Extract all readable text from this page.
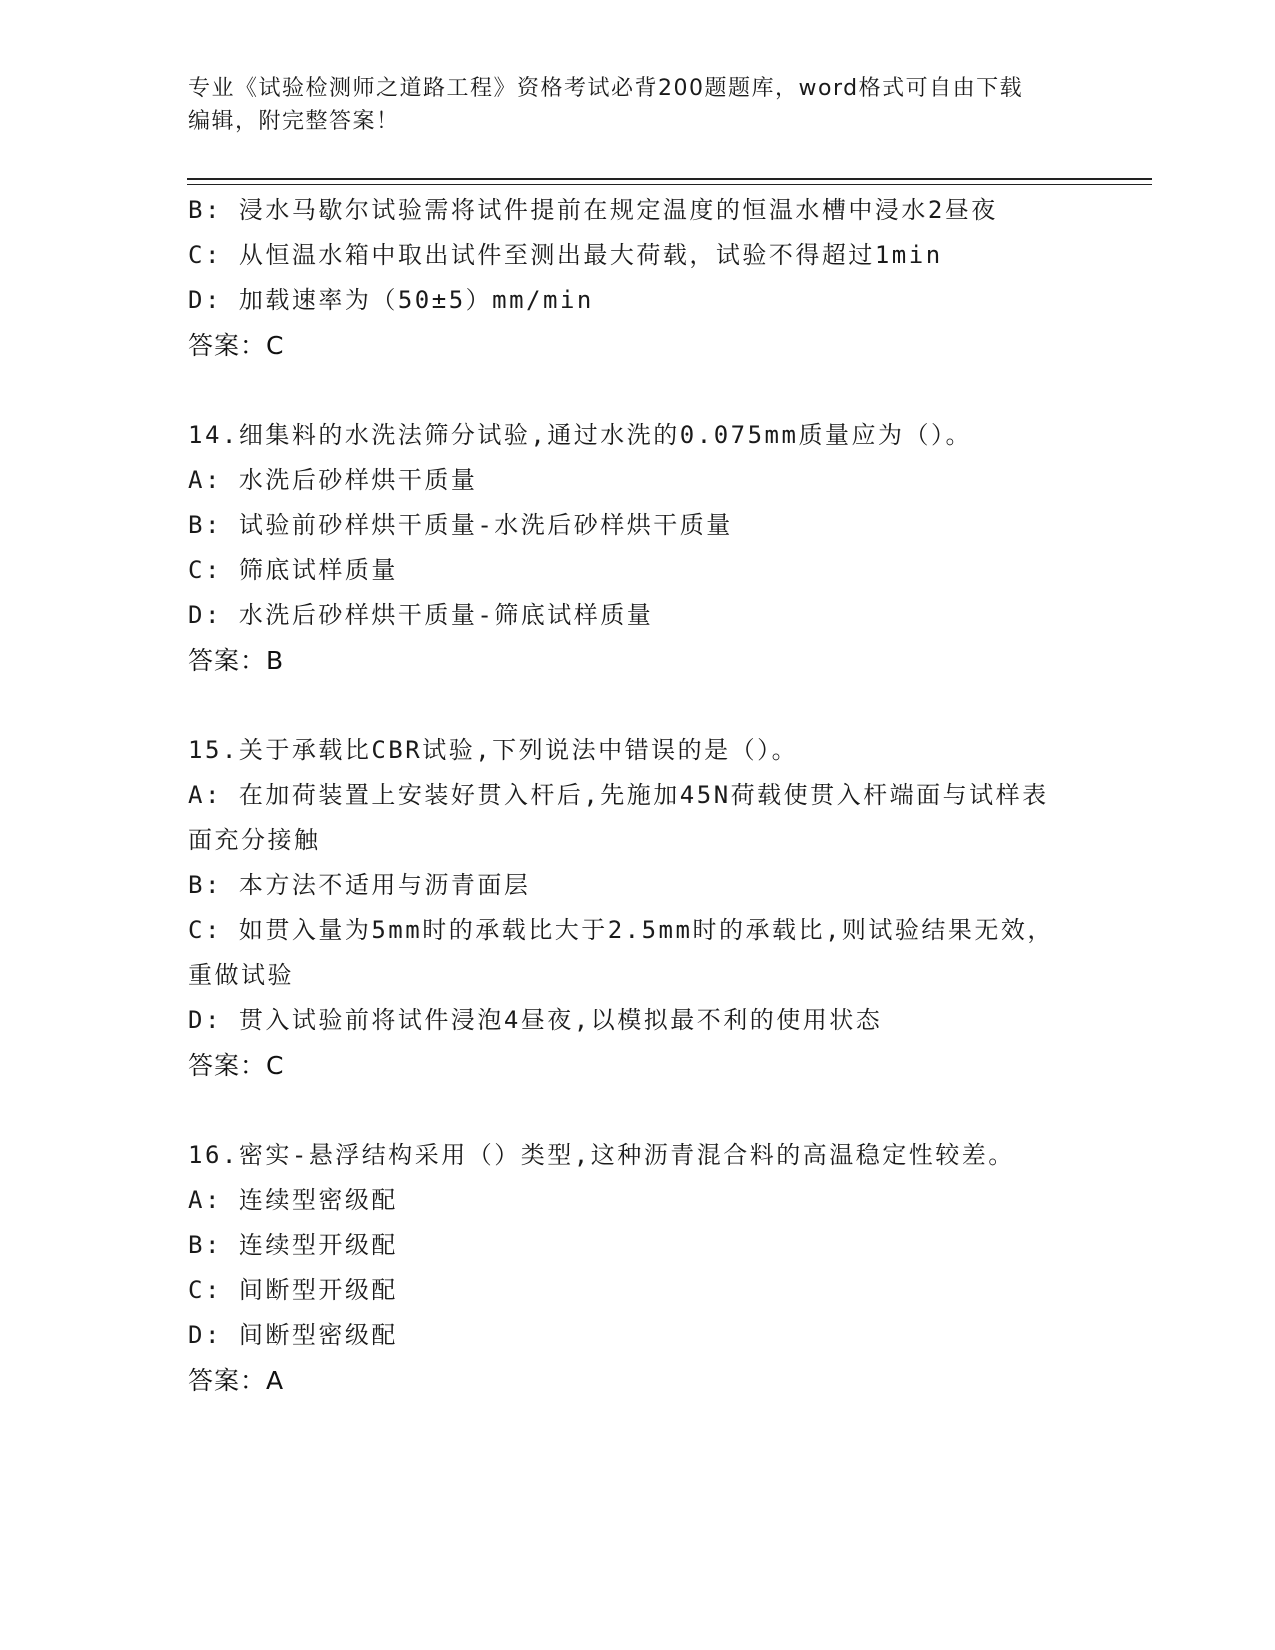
专业《试验检测师之道路工程》资格考试必背200题题库，word格式可自由下载
编辑，附完整答案！
B: 浸水马歇尔试验需将试件提前在规定温度的恒温水槽中浸水2昼夜
C: 从恒温水箱中取出试件至测出最大荷载，试验不得超过1min
D: 加载速率为（50±5）mm/min
答案：C
14.细集料的水洗法筛分试验,通过水洗的0.075mm质量应为（）。
A: 水洗后砂样烘干质量
B: 试验前砂样烘干质量-水洗后砂样烘干质量
C: 筛底试样质量
D: 水洗后砂样烘干质量-筛底试样质量
答案：B
15.关于承载比CBR试验,下列说法中错误的是（）。
A: 在加荷装置上安装好贯入杆后,先施加45N荷载使贯入杆端面与试样表面充分接触
B: 本方法不适用与沥青面层
C: 如贯入量为5mm时的承载比大于2.5mm时的承载比,则试验结果无效，重做试验
D: 贯入试验前将试件浸泡4昼夜,以模拟最不利的使用状态
答案：C
16.密实-悬浮结构采用（）类型,这种沥青混合料的高温稳定性较差。
A: 连续型密级配
B: 连续型开级配
C: 间断型开级配
D: 间断型密级配
答案：A
